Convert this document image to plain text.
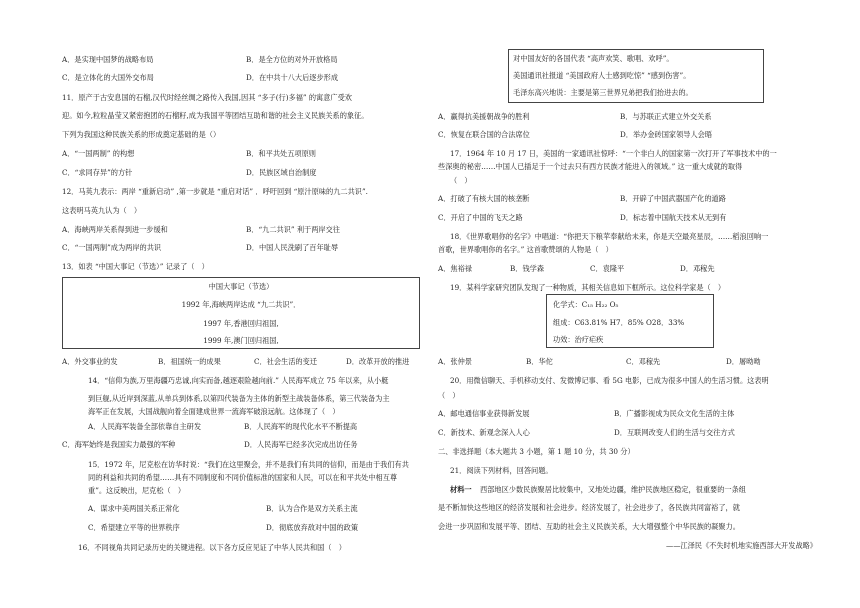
A．是实现中国梦的战略布局	B．是全方位的对外开放格局
C．是立体化的大国外交布局	D．在中共十八大后逐步形成
11．原产于古安息国的石榴,汉代时经丝绸之路传入我国,因其 “多子(行)多福” 的寓意广受欢
迎。如今,粒粒晶莹又紧密抱团的石榴籽,成为我国平等团结互助和谐的社会主义民族关系的象征。
下列为我国这种民族关系的形成奠定基础的是（）
A．“一国两制” 的构想	B．和平共处五项原则
C．“求同存异”的方针	D．民族区域自治制度
12．马英九表示：两岸 “重新启动” ,第一步就是 “重启对话” ．呼吁回到 “原汁原味的九二共识”.
这表明马英九认为（　）
A．海峡两岸关系得到进一步缓和	B．“九二共识” 利于两岸交往
C．“一国两制”成为两岸的共识	D．中国人民洗刷了百年耻辱
13．如表 “中国大事记（节选）” 记录了（　）
中国大事记（节选）
1992 年,海峡两岸达成 “九二共识”．
1997 年,香港回归祖国,
1999 年,澳门回归祖国,
A．外交事业的发	B．祖国统一的成果	C．社会生活的变迁	D．改革开放的推进
14．“信仰为族,万里海疆巧忠诚,向实而备,越逐艰险越向前.” 人民海军成立 75 年以来，从小艇
到巨舰,从近岸到深蓝,从单兵到体系,以第四代装备为主体的新型主战装备体系，第三代装备为主
海军正在发展，大国战舰向着全面建成世界一流海军破浪远航。这体现了（　）
A．人民海军装备全部依靠自主研发	B．人民海军的现代化水平不断提高
C．海军始终是我国实力最强的军种	D．人民海军已经多次完成出访任务
15．1972 年，尼克松在访华时说：“我们在这里聚会，并不是我们有共同的信仰，而是由于我们有共
同的利益和共同的希望……具有不同制度和不同价值标准的国家和人民，可以在和平共处中相互尊
重”。这反映出，尼克松（　）
A．谋求中美两国关系正常化	B．认为合作是双方关系主流
C．希望建立平等的世界秩序	D．彻底放弃敌对中国的政策
16．不同视角共同记录历史的关键进程。以下各方反应见证了中华人民共和国（　）
对中国友好的各国代表 “高声欢笑、歌唱、欢呼”。
美国通讯社报道 “美国政府人士感到吃惊” “感到伤害”。
毛泽东高兴地说：主要是第三世界兄弟把我们抬进去的。
A．赢得抗美援朝战争的胜利	B．与苏联正式建立外交关系
C．恢复在联合国的合法席位	D．举办金砖国家领导人会晤
17．1964 年 10 月 17 日，美国的一家通讯社惊呼：“一个非白人的国家第一次打开了军事技术中的一
些深奥的秘密……中国人已插足于一个过去只有西方民族才能进入的领域。” 这一重大成就的取得
（　）
A．打破了有核大国的核垄断	B．开辟了中国武器国产化的道路
C．开启了中国的飞天之路	D．标志着中国航天技术从无到有
18．《世界歌唱你的名字》中唱道：“你把天下粮苹奉献给未来，你是天空最亮星辰，……稻浪回响一
首歌，世界歌唱你的名字。” 这首歌赞颂的人物是（　）
A．焦裕禄	B．钱学森	C．袁隆平	D．邓稼先
19．某科学家研究团队发现了一种物质，其相关信息如下框所示。这位科学家是（　）
化学式：C₁₅ H₂₂ O₅
组成：C63.81% H7．85% O28．33%
功效：治疗疟疾
A．张仲景	B．华佗	C．邓稼先	D．屠呦呦
20．用微信聊天、手机移动支付、发微博记事、看 5G 电影，已成为很多中国人的生活习惯。这表明
（　）
A．邮电通信事业获得新发展	B．广播影视成为民众文化生活的主体
C．新技术、新观念深入人心	D．互联网改变人们的生活与交往方式
二、非选择题（本大题共 3 小题，第 1 题 10 分，共 30 分）
21．阅读下列材料，回答问题。
材料一 西部地区少数民族聚居比较集中，又地处边疆，维护民族地区稳定，很重要的一条组
是不断加快这些地区的经济发展和社会进步。经济发展了，社会进步了，各民族共同富裕了，就
会进一步巩固和发展平等、团结、互助的社会主义民族关系，大大增强整个中华民族的凝聚力。
——江泽民《不失时机地实施西部大开发战略》
